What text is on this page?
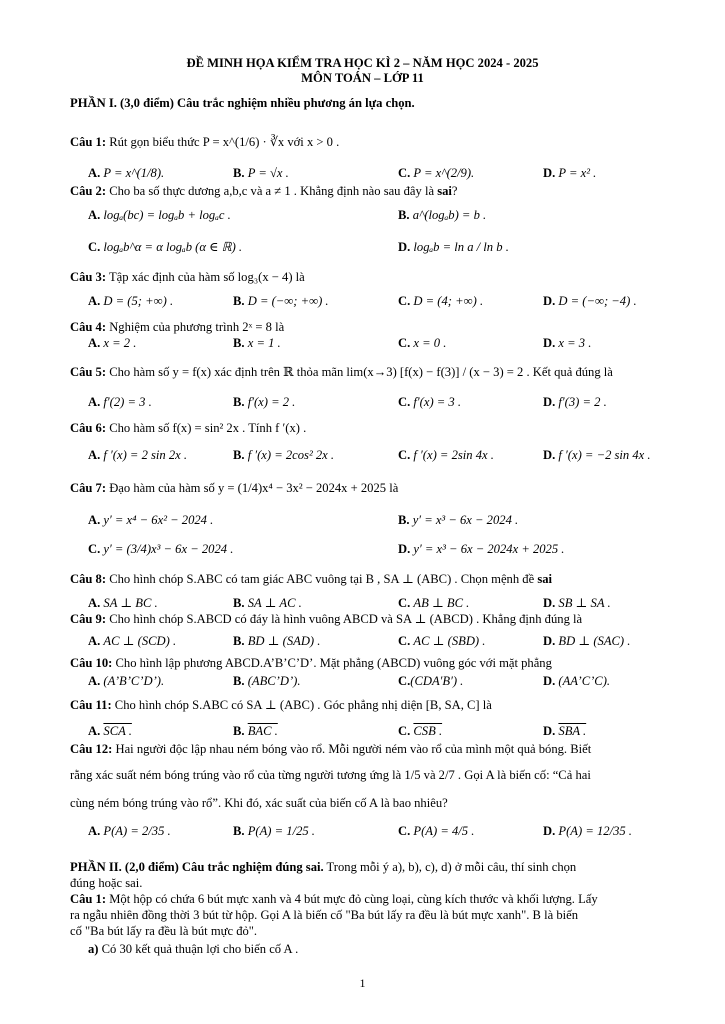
ĐỀ MINH HỌA KIỂM TRA HỌC KÌ 2 – NĂM HỌC 2024 - 2025
MÔN TOÁN – LỚP 11
PHẦN I. (3,0 điểm) Câu trắc nghiệm nhiều phương án lựa chọn.
Câu 1: Rút gọn biểu thức P = x^(1/6) · ∛x với x > 0 .
A. P = x^(1/8).	B. P = √x .	C. P = x^(2/9).	D. P = x² .
Câu 2: Cho ba số thực dương a,b,c và a ≠ 1 . Khẳng định nào sau đây là sai?
A. logₐ(bc) = logₐb + logₐc .	B. a^(logₐb) = b .
C. logₐb^α = α logₐb (α ∈ ℝ) .	D. logₐb = ln a / ln b .
Câu 3: Tập xác định của hàm số log₃(x − 4) là
A. D = (5; +∞) .	B. D = (−∞; +∞) .	C. D = (4; +∞) .	D. D = (−∞; −4) .
Câu 4: Nghiệm của phương trình 2ˣ = 8 là
A. x = 2 .	B. x = 1 .	C. x = 0 .	D. x = 3 .
Câu 5: Cho hàm số y = f(x) xác định trên ℝ thỏa mãn lim(x→3) [f(x) − f(3)] / (x − 3) = 2 . Kết quả đúng là
A. f′(2) = 3 .	B. f′(x) = 2 .	C. f′(x) = 3 .	D. f′(3) = 2 .
Câu 6: Cho hàm số f(x) = sin² 2x . Tính f ′(x) .
A. f ′(x) = 2 sin 2x .	B. f ′(x) = 2cos² 2x .	C. f ′(x) = 2sin 4x .	D. f ′(x) = −2 sin 4x .
Câu 7: Đạo hàm của hàm số y = (1/4)x⁴ − 3x² − 2024x + 2025 là
A. y′ = x⁴ − 6x² − 2024 .	B. y′ = x³ − 6x − 2024 .
C. y′ = (3/4)x³ − 6x − 2024 .	D. y′ = x³ − 6x − 2024x + 2025 .
Câu 8: Cho hình chóp S.ABC có tam giác ABC vuông tại B , SA ⊥ (ABC) . Chọn mệnh đề sai
A. SA ⊥ BC .	B. SA ⊥ AC .	C. AB ⊥ BC .	D. SB ⊥ SA .
Câu 9: Cho hình chóp S.ABCD có đáy là hình vuông ABCD và SA ⊥ (ABCD) . Khẳng định đúng là
A. AC ⊥ (SCD) .	B. BD ⊥ (SAD) .	C. AC ⊥ (SBD) .	D. BD ⊥ (SAC) .
Câu 10: Cho hình lập phương ABCD.A’B’C’D’. Mặt phẳng (ABCD) vuông góc với mặt phẳng
A. (A’B’C’D’).	B. (ABC’D’).	C.(CDA′B′) .	D. (AA’C’C).
Câu 11: Cho hình chóp S.ABC có SA ⊥ (ABC) . Góc phẳng nhị diện [B, SA, C] là
A. SCA .	B. BAC .	C. CSB .	D. SBA .
Câu 12: Hai người độc lập nhau ném bóng vào rổ. Mỗi người ném vào rổ của mình một quả bóng. Biết
rằng xác suất ném bóng trúng vào rổ của từng người tương ứng là 1/5 và 2/7 . Gọi A là biến cố: “Cả hai
cùng ném bóng trúng vào rổ”. Khi đó, xác suất của biến cố A là bao nhiêu?
A. P(A) = 2/35 .	B. P(A) = 1/25 .	C. P(A) = 4/5 .	D. P(A) = 12/35 .
PHẦN II. (2,0 điểm) Câu trắc nghiệm đúng sai. Trong mỗi ý a), b), c), d) ở mỗi câu, thí sinh chọn
đúng hoặc sai.
Câu 1: Một hộp có chứa 6 bút mực xanh và 4 bút mực đỏ cùng loại, cùng kích thước và khối lượng. Lấy
ra ngẫu nhiên đồng thời 3 bút từ hộp. Gọi A là biến cố "Ba bút lấy ra đều là bút mực xanh". B là biến
cố "Ba bút lấy ra đều là bút mực đỏ".
a) Có 30 kết quả thuận lợi cho biến cố A .
1
